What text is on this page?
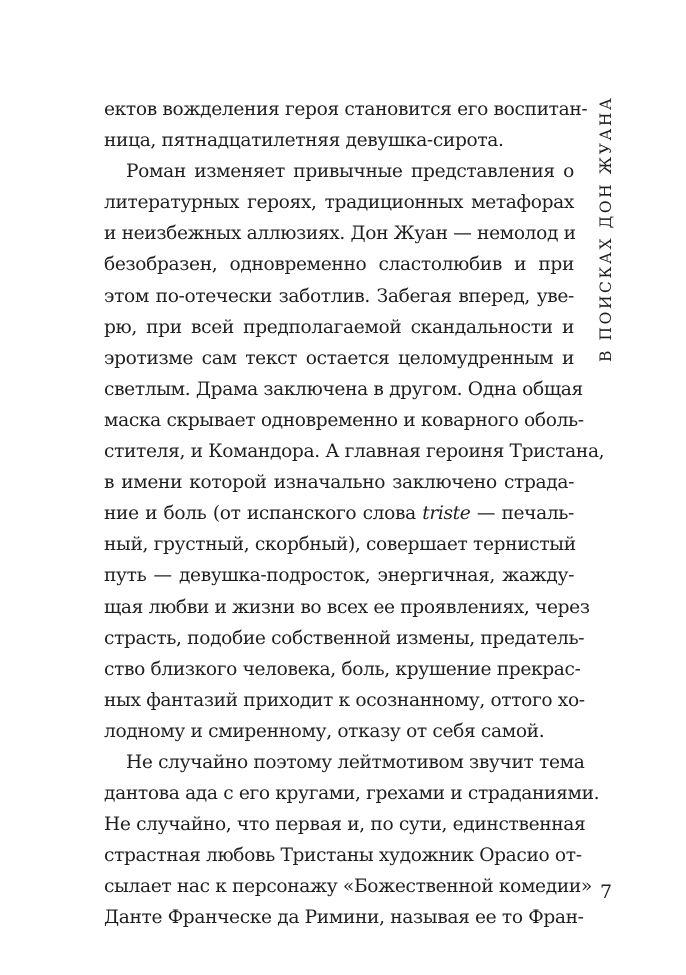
ектов вожделения героя становится его воспитан-
ница, пятнадцатилетняя девушка-сирота.
Роман изменяет привычные представления о
литературных героях, традиционных метафорах
и неизбежных аллюзиях. Дон Жуан — немолод и
безобразен, одновременно сластолюбив и при
этом по-отечески заботлив. Забегая вперед, уве-
рю, при всей предполагаемой скандальности и
эротизме сам текст остается целомудренным и
светлым. Драма заключена в другом. Одна общая
маска скрывает одновременно и коварного оболь-
стителя, и Командора. А главная героиня Тристана,
в имени которой изначально заключено страда-
ние и боль (от испанского слова triste — печаль-
ный, грустный, скорбный), совершает тернистый
путь — девушка-подросток, энергичная, жажду-
щая любви и жизни во всех ее проявлениях, через
страсть, подобие собственной измены, предатель-
ство близкого человека, боль, крушение прекрас-
ных фантазий приходит к осознанному, оттого хо-
лодному и смиренному, отказу от себя самой.
Не случайно поэтому лейтмотивом звучит тема
дантова ада с его кругами, грехами и страданиями.
Не случайно, что первая и, по сути, единственная
страстная любовь Тристаны художник Орасио от-
сылает нас к персонажу «Божественной комедии»
Данте Франческе да Римини, называя ее то Фран-
В ПОИСКАХ ДОН ЖУАНА
7
